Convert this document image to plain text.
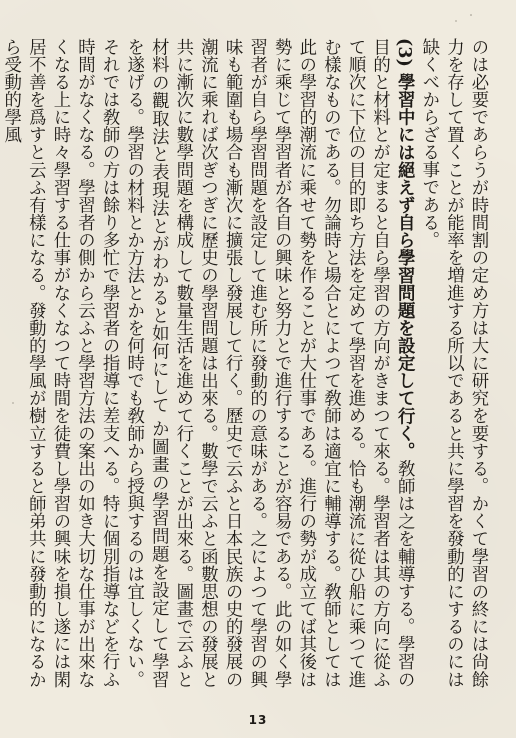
のは必要であらうが時間割の定め方は大に研究を要する。かくて學習の終には尙餘力を存して置くことが能率を増進する所以であると共に學習を發動的にするのには缺くべからざる事である。

(3) 學習中には絕えず自ら學習問題を設定して行く。敎師は之を輔導する。學習の目的と材料とが定まると自ら學習の方向がきまつて來る。學習者は其の方向に從ふて順次に下位の目的即ち方法を定めて學習を進める。恰も潮流に從ひ船に乘つて進む樣なものである。勿論時と場合とによつて敎師は適宜に輔導する。敎師としては此の學習的潮流に乘せて勢を作ることが大仕事である。進行の勢が成立てば其後は勢に乘じて學習者が各自の興味と努力とで進行することが容易である。此の如く學習者が自ら學習問題を設定して進む所に發動的の意味がある。之によつて學習の興味も範圍も場合も漸次に擴張し發展して行く。歷史で云ふと日本民族の史的發展の潮流に乘れば次ぎつぎに歷史の學習問題は出來る。數學で云ふと函數思想の發展と共に漸次に數學問題を構成して數量生活を進めて行くことが出來る。圖畫で云ふと材料の觀取法と表現法とがわかると如何にして か圖畫の學習問題を設定して學習を遂げる。學習の材料とか方法とかを何時でも敎師から授與するのは宜しくない。それでは敎師の方は餘り多忙で學習者の指導に差支へる。特に個別指導などを行ふ時間がなくなる。學習者の側から云ふと學習方法の案出の如き大切な仕事が出來なくなる上に時々學習する仕事がなくなつて時間を徒費し學習の興味を損し遂には閑居不善を爲すと云ふ有樣になる。發動的學風が樹立すると師弟共に發動的になるから受動的學風

13
